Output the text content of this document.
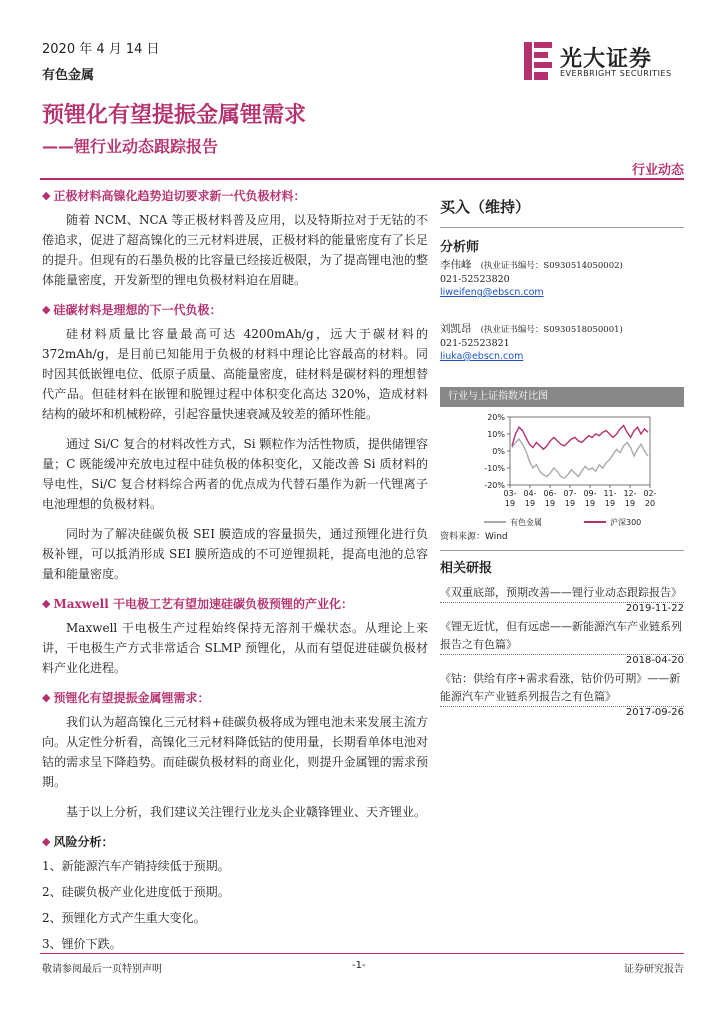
2020 年 4 月 14 日
有色金属
预锂化有望提振金属锂需求
——锂行业动态跟踪报告
光大证券
EVERBRIGHT SECURITIES
行业动态
◆ 正极材料高镍化趋势迫切要求新一代负极材料：

随着 NCM、NCA 等正极材料普及应用，以及特斯拉对于无钴的不倦追求，促进了超高镍化的三元材料进展，正极材料的能量密度有了长足的提升。但现有的石墨负极的比容量已经接近极限，为了提高锂电池的整体能量密度，开发新型的锂电负极材料迫在眉睫。

◆ 硅碳材料是理想的下一代负极：

硅材料质量比容量最高可达 4200mAh/g，远大于碳材料的 372mAh/g，是目前已知能用于负极的材料中理论比容最高的材料。同时因其低嵌锂电位、低原子质量、高能量密度，硅材料是碳材料的理想替代产品。但硅材料在嵌锂和脱锂过程中体积变化高达 320%，造成材料结构的破坏和机械粉碎，引起容量快速衰减及较差的循环性能。

通过 Si/C 复合的材料改性方式，Si 颗粒作为活性物质，提供储锂容量；C 既能缓冲充放电过程中硅负极的体积变化，又能改善 Si 质材料的导电性，Si/C 复合材料综合两者的优点成为代替石墨作为新一代锂离子电池理想的负极材料。

同时为了解决硅碳负极 SEI 膜造成的容量损失，通过预锂化进行负极补锂，可以抵消形成 SEI 膜所造成的不可逆锂损耗，提高电池的总容量和能量密度。

◆ Maxwell 干电极工艺有望加速硅碳负极预锂的产业化：

Maxwell 干电极生产过程始终保持无溶剂干燥状态。从理论上来讲，干电极生产方式非常适合 SLMP 预锂化，从而有望促进硅碳负极材料产业化进程。

◆ 预锂化有望提振金属锂需求：

我们认为超高镍化三元材料+硅碳负极将成为锂电池未来发展主流方向。从定性分析看，高镍化三元材料降低钴的使用量，长期看单体电池对钴的需求呈下降趋势。而硅碳负极材料的商业化，则提升金属锂的需求预期。

基于以上分析，我们建议关注锂行业龙头企业赣锋锂业、天齐锂业。

◆ 风险分析：
1、新能源汽车产销持续低于预期。
2、硅碳负极产业化进度低于预期。
2、预锂化方式产生重大变化。
3、锂价下跌。
买入（维持）
分析师
李伟峰 (执业证书编号：S0930514050002)
021-52523820
liweifeng@ebscn.com
刘凯昂 (执业证书编号：S0930518050001)
021-52523821
liuka@ebscn.com
行业与上证指数对比图
20%
10%
0%
-10%
-20%
03-
19
04-
19
06-
19
07-
19
09-
19
11-
19
12-
19
02-
20
有色金属	沪深300
资料来源：Wind
相关研报
《双重底部，预期改善——锂行业动态跟踪报告》
2019-11-22
《锂无近忧，但有远虑——新能源汽车产业链系列报告之有色篇》
2018-04-20
《钴：供给有序+需求看涨，钴价仍可期》——新能源汽车产业链系列报告之有色篇》
2017-09-26
敬请参阅最后一页特别声明	-1-	证券研究报告
